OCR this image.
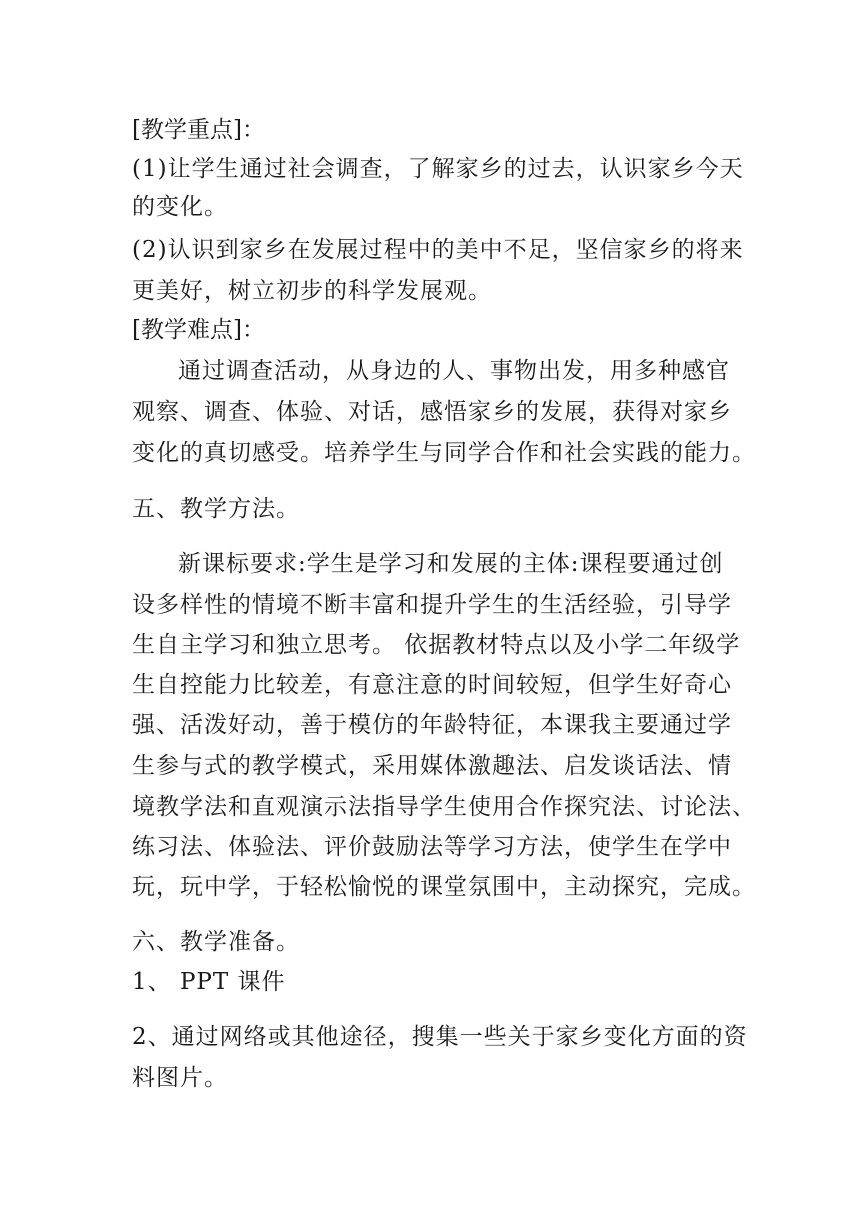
[教学重点]：
(1)让学生通过社会调查，了解家乡的过去，认识家乡今天
的变化。
(2)认识到家乡在发展过程中的美中不足，坚信家乡的将来
更美好，树立初步的科学发展观。
[教学难点]：
通过调查活动，从身边的人、事物出发，用多种感官
观察、调查、体验、对话，感悟家乡的发展，获得对家乡
变化的真切感受。培养学生与同学合作和社会实践的能力。
五、教学方法。
新课标要求:学生是学习和发展的主体:课程要通过创
设多样性的情境不断丰富和提升学生的生活经验，引导学
生自主学习和独立思考。 依据教材特点以及小学二年级学
生自控能力比较差，有意注意的时间较短，但学生好奇心
强、活泼好动，善于模仿的年龄特征，本课我主要通过学
生参与式的教学模式，采用媒体激趣法、启发谈话法、情
境教学法和直观演示法指导学生使用合作探究法、讨论法、
练习法、体验法、评价鼓励法等学习方法，使学生在学中
玩，玩中学，于轻松愉悦的课堂氛围中，主动探究，完成。
六、教学准备。
1、 PPT 课件
2、通过网络或其他途径，搜集一些关于家乡变化方面的资
料图片。
